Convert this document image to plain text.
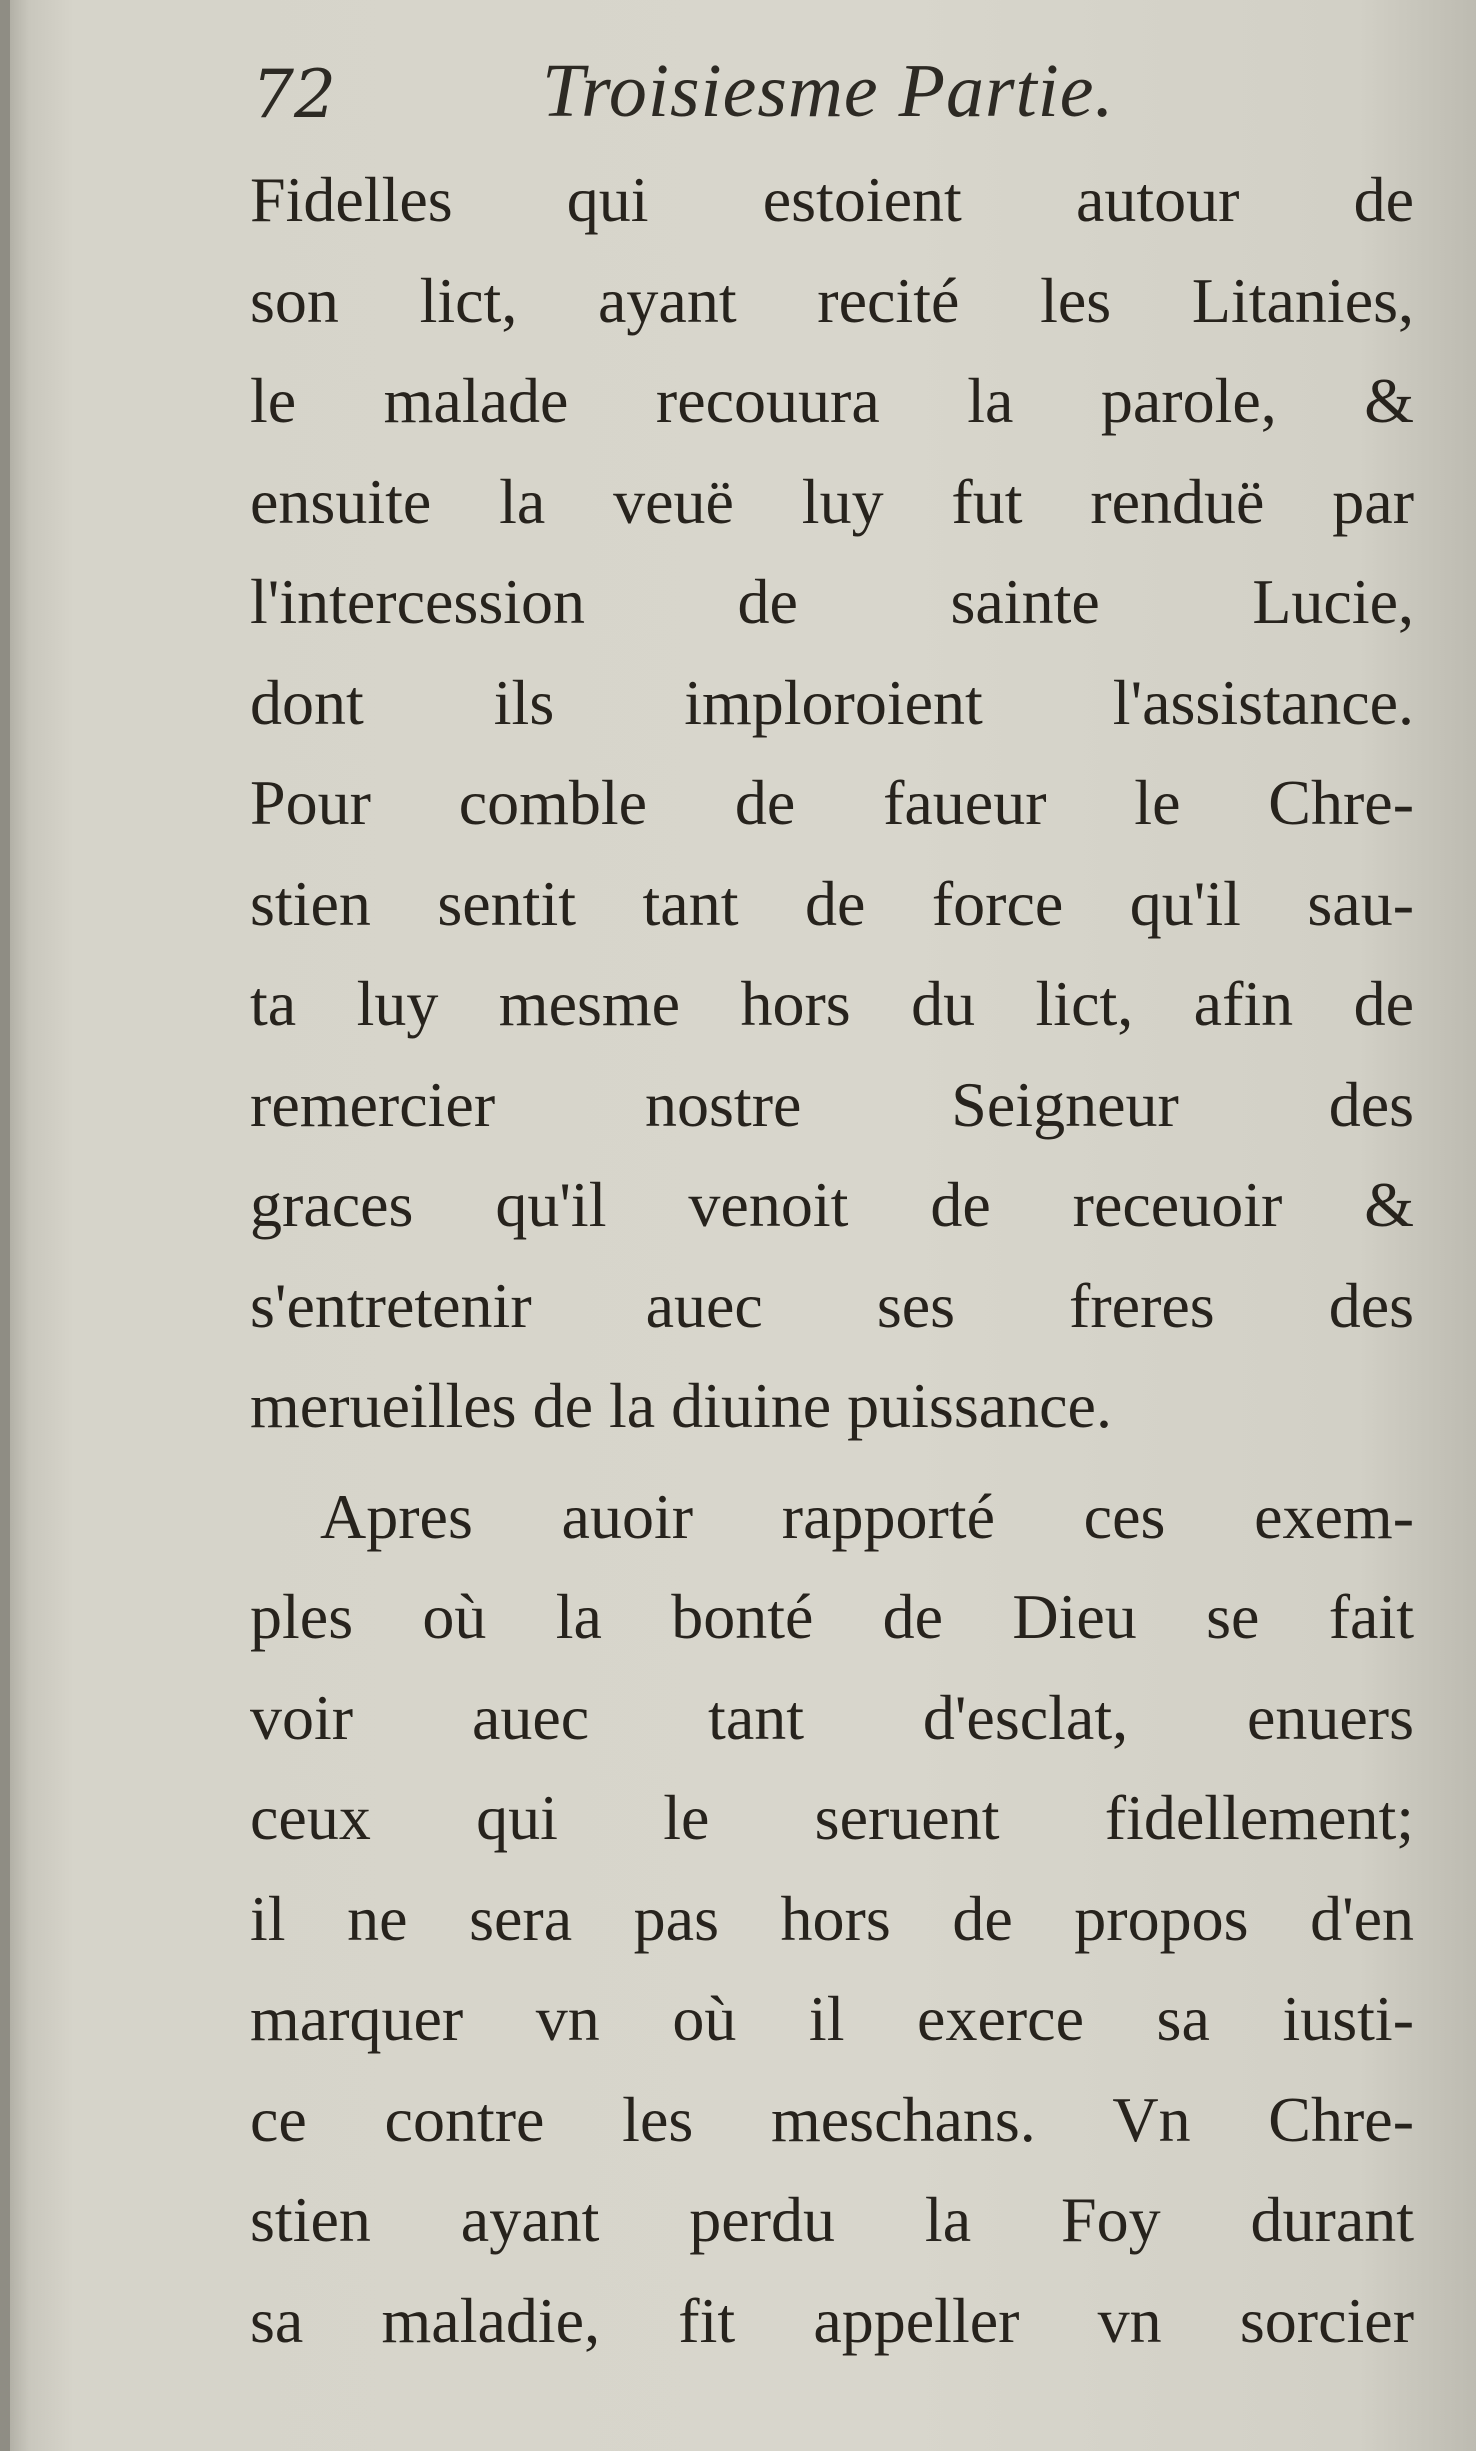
72	Troisiesme Partie.
Fidelles qui estoient autour de
son lict, ayant recité les Litanies,
le malade recouura la parole, &
ensuite la veuë luy fut renduë par
l'intercession de sainte Lucie,
dont ils imploroient l'assistance.
Pour comble de faueur le Chre-
stien sentit tant de force qu'il sau-
ta luy mesme hors du lict, afin de
remercier nostre Seigneur des
graces qu'il venoit de receuoir &
s'entretenir auec ses freres des
merueilles de la diuine puissance.
Apres auoir rapporté ces exem-
ples où la bonté de Dieu se fait
voir auec tant d'esclat, enuers
ceux qui le seruent fidellement;
il ne sera pas hors de propos d'en
marquer vn où il exerce sa iusti-
ce contre les meschans. Vn Chre-
stien ayant perdu la Foy durant
sa maladie, fit appeller vn sorcier
